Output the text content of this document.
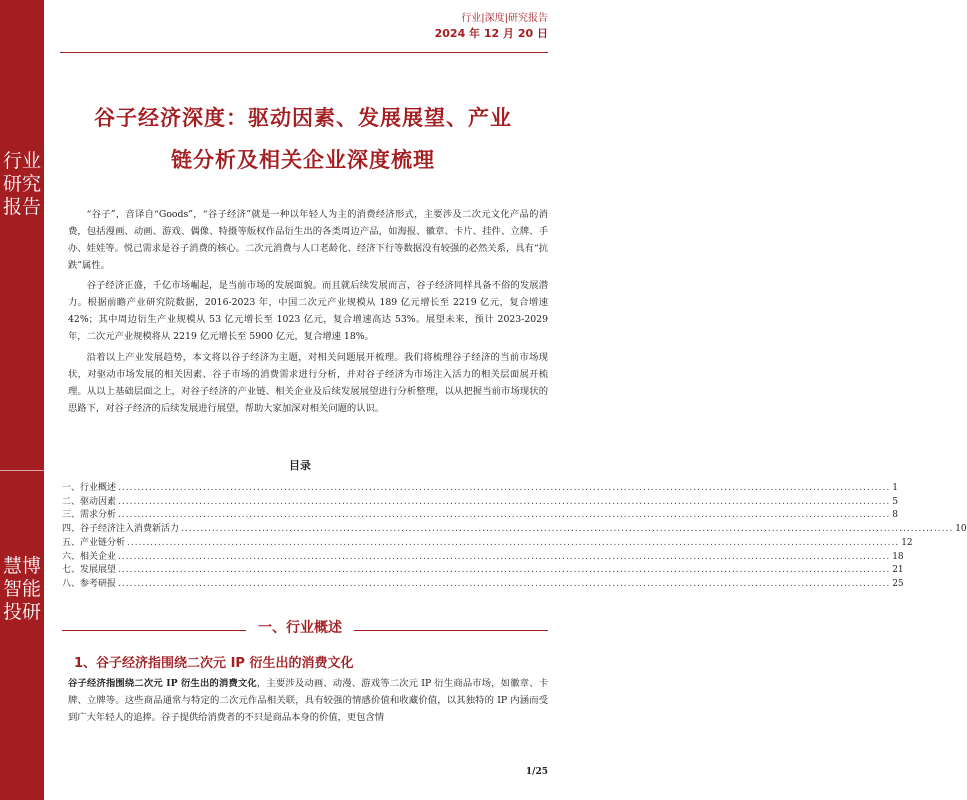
行业研究报告
慧博智能投研
行业|深度|研究报告
2024 年 12 月 20 日
谷子经济深度：驱动因素、发展展望、产业
链分析及相关企业深度梳理
“谷子”，音译自“Goods”，“谷子经济”就是一种以年轻人为主的消费经济形式，主要涉及二次元文化产品的消费，包括漫画、动画、游戏、偶像、特摄等版权作品衍生出的各类周边产品，如海报、徽章、卡片、挂件、立牌、手办、娃娃等。悦己需求是谷子消费的核心。二次元消费与人口老龄化、经济下行等数据没有较强的必然关系，具有“抗跌”属性。
谷子经济正盛，千亿市场崛起，是当前市场的发展面貌。而且就后续发展而言，谷子经济同样具备不俗的发展潜力。根据前瞻产业研究院数据，2016-2023 年，中国二次元产业规模从 189 亿元增长至 2219 亿元，复合增速 42%；其中周边衍生产业规模从 53 亿元增长至 1023 亿元，复合增速高达 53%。展望未来，预计 2023-2029 年，二次元产业规模将从 2219 亿元增长至 5900 亿元，复合增速 18%。
沿着以上产业发展趋势，本文将以谷子经济为主题，对相关问题展开梳理。我们将梳理谷子经济的当前市场现状，对驱动市场发展的相关因素、谷子市场的消费需求进行分析，并对谷子经济为市场注入活力的相关层面展开梳理。从以上基础层面之上，对谷子经济的产业链、相关企业及后续发展展望进行分析整理，以从把握当前市场现状的思路下，对谷子经济的后续发展进行展望，帮助大家加深对相关问题的认识。
目录
一、行业概述 ........................................................................................................................................................................................................ 1
二、驱动因素 ........................................................................................................................................................................................................ 5
三、需求分析 ........................................................................................................................................................................................................ 8
四、谷子经济注入消费新活力 ........................................................................................................................................................................................................ 10
五、产业链分析 ........................................................................................................................................................................................................ 12
六、相关企业 ........................................................................................................................................................................................................ 18
七、发展展望 ........................................................................................................................................................................................................ 21
八、参考研报 ........................................................................................................................................................................................................ 25
一、行业概述
1、谷子经济指围绕二次元 IP 衍生出的消费文化
谷子经济指围绕二次元 IP 衍生出的消费文化，主要涉及动画、动漫、游戏等二次元 IP 衍生商品市场，如徽章、卡牌、立牌等。这些商品通常与特定的二次元作品相关联，具有较强的情感价值和收藏价值，以其独特的 IP 内涵而受到广大年轻人的追捧。谷子提供给消费者的不只是商品本身的价值，更包含情
1/25
